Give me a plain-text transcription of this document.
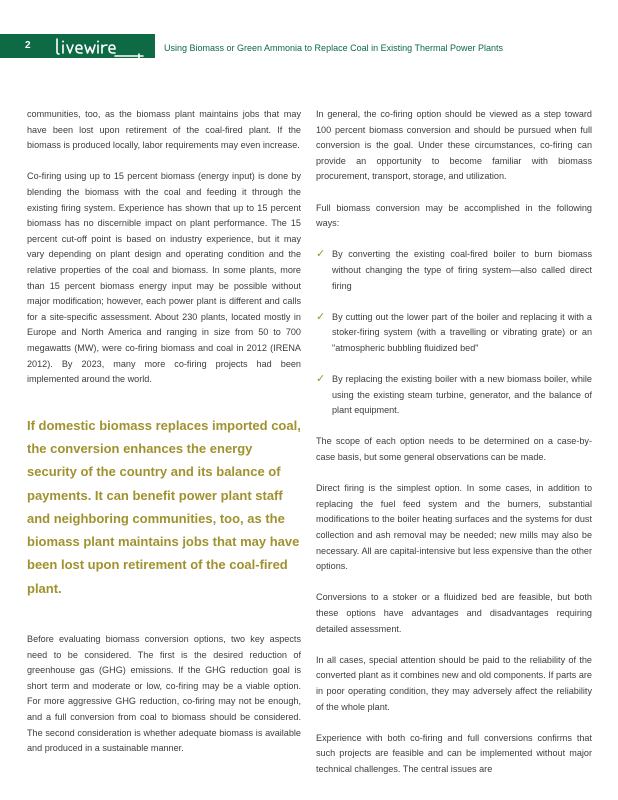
2	Using Biomass or Green Ammonia to Replace Coal in Existing Thermal Power Plants

communities, too, as the biomass plant maintains jobs that may have been lost upon retirement of the coal-fired plant. If the biomass is produced locally, labor requirements may even increase.

Co-firing using up to 15 percent biomass (energy input) is done by blending the biomass with the coal and feeding it through the existing firing system. Experience has shown that up to 15 percent biomass has no discernible impact on plant performance. The 15 percent cut-off point is based on industry experience, but it may vary depending on plant design and operating condition and the relative properties of the coal and biomass. In some plants, more than 15 percent biomass energy input may be possible without major modification; however, each power plant is different and calls for a site-specific assessment. About 230 plants, located mostly in Europe and North America and ranging in size from 50 to 700 megawatts (MW), were co-firing biomass and coal in 2012 (IRENA 2012). By 2023, many more co-firing projects had been implemented around the world.

If domestic biomass replaces imported coal, the conversion enhances the energy security of the country and its balance of payments. It can benefit power plant staff and neighboring communities, too, as the biomass plant maintains jobs that may have been lost upon retirement of the coal-fired plant.

Before evaluating biomass conversion options, two key aspects need to be considered. The first is the desired reduction of greenhouse gas (GHG) emissions. If the GHG reduction goal is short term and moderate or low, co-firing may be a viable option. For more aggressive GHG reduction, co-firing may not be enough, and a full conversion from coal to biomass should be considered. The second consideration is whether adequate biomass is available and produced in a sustainable manner.

In general, the co-firing option should be viewed as a step toward 100 percent biomass conversion and should be pursued when full conversion is the goal. Under these circumstances, co-firing can provide an opportunity to become familiar with biomass procurement, transport, storage, and utilization.

Full biomass conversion may be accomplished in the following ways:

✓ By converting the existing coal-fired boiler to burn biomass without changing the type of firing system—also called direct firing
✓ By cutting out the lower part of the boiler and replacing it with a stoker-firing system (with a travelling or vibrating grate) or an "atmospheric bubbling fluidized bed"
✓ By replacing the existing boiler with a new biomass boiler, while using the existing steam turbine, generator, and the balance of plant equipment.

The scope of each option needs to be determined on a case-by-case basis, but some general observations can be made.

Direct firing is the simplest option. In some cases, in addition to replacing the fuel feed system and the burners, substantial modifications to the boiler heating surfaces and the systems for dust collection and ash removal may be needed; new mills may also be necessary. All are capital-intensive but less expensive than the other options.

Conversions to a stoker or a fluidized bed are feasible, but both these options have advantages and disadvantages requiring detailed assessment.

In all cases, special attention should be paid to the reliability of the converted plant as it combines new and old components. If parts are in poor operating condition, they may adversely affect the reliability of the whole plant.

Experience with both co-firing and full conversions confirms that such projects are feasible and can be implemented without major technical challenges. The central issues are
